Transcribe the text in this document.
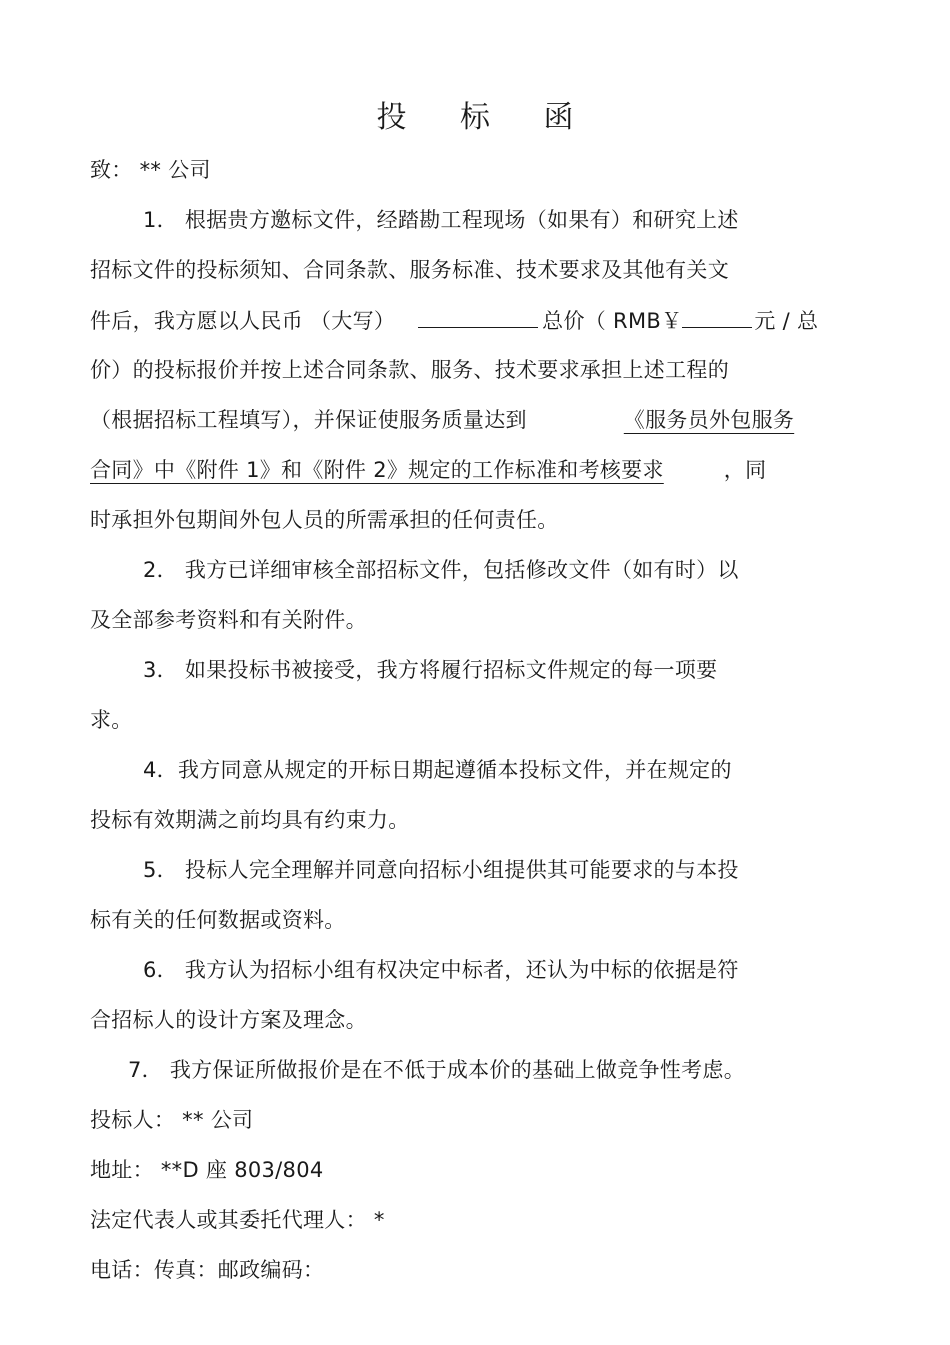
投 标 函
致： ** 公司
1． 根据贵方邀标文件，经踏勘工程现场（如果有）和研究上述
招标文件的投标须知、合同条款、服务标准、技术要求及其他有关文
件后，我方愿以人民币 （大写）	总价（ RMB￥	元 / 总
价）的投标报价并按上述合同条款、服务、技术要求承担上述工程的
（根据招标工程填写），并保证使服务质量达到	《服务员外包服务
合同》中《附件 1》和《附件 2》规定的工作标准和考核要求	，同
时承担外包期间外包人员的所需承担的任何责任。
2． 我方已详细审核全部招标文件，包括修改文件（如有时）以
及全部参考资料和有关附件。
3． 如果投标书被接受，我方将履行招标文件规定的每一项要
求。
4．我方同意从规定的开标日期起遵循本投标文件，并在规定的
投标有效期满之前均具有约束力。
5． 投标人完全理解并同意向招标小组提供其可能要求的与本投
标有关的任何数据或资料。
6． 我方认为招标小组有权决定中标者，还认为中标的依据是符
合招标人的设计方案及理念。
7． 我方保证所做报价是在不低于成本价的基础上做竞争性考虑。
投标人： ** 公司
地址： **D 座 803/804
法定代表人或其委托代理人： *
电话：传真：邮政编码：
